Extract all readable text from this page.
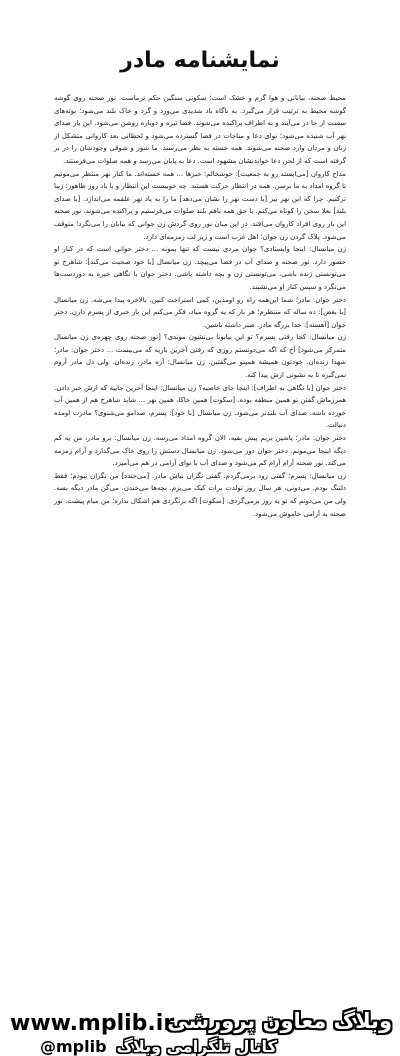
نمایشنامه مادر

محیط صحنه، بیابانی و هوا گرم و خشک است؛ سکوتی سنگین حکم ترماست. نور صحنه روی گوشه گوشه محیط به ترتیب قرار می‌گیرد. به ناگاه باد شدیدی می‌وزد و گرد و خاک بلند می‌شود؛ بوته‌های سست از جا در می‌آیند و به اطراف پراکنده می‌شوند. فضا تیره و دوباره روشن می‌شود. این بار صدای نهر آب شنیده می‌شود؛ نوای دعا و مناجات در فضا گسترده می‌شود و لحظاتی بعد کاروانی متشکل از زنان و مردان وارد صحنه می‌شوند. همه خسته به نظر می‌رسند. ما شور و شوقی وجودشان را در بر گرفته است که از لحن دعا خواندنشان مشهود است. دعا به پایان می‌رسد و همه صلوات می‌فرستند.

مداح کاروان [می‌ایستد رو به جمعیت]: خوشحالم؛ خبرها ... همه خسته‌اند. ما کنار نهر منتظر می‌مونیم تا گروه امداد به ما برسن. همه در انتظار حرکت هستند. چه خوبیست این انتظار و با یاد روز ظاهور؛ زیبا ترکنیم. چرا که این نهر نیز [با دست نهر را نشان می‌دهد] ما را به یاد نهر علقمه می‌اندازد. [با صدای بلند] نعلا سخن را کوتاه می‌کنم. با حق همه باهم بلند صلوات می‌فرستیم و پراکنده می‌شوند. نور صحنه این بار روی افراد کاروان می‌افتد. در این میان نور روی گردش زن جوانی که بیابان را می‌نگرد؛ متوقف می‌شود. پلاک گردن زن جوان؛ اهل غرب است و زیر لب زمزمه‌ای دارد.

زن میانسال: اینجا وایستادی؟ جوان مردی نیست که تنها بمونه ... دختر جوانی است که در کنار او حضور دارد. نور صحنه و صدای آب در فضا می‌پیچد. زن میانسال [با خود صحبت می‌کند]: شاهرخ تو می‌تونستی زنده باشی، می‌تونستی زن و بچه داشته باشی. دختر جوان با نگاهی خیره به دوردست‌ها می‌نگرد و سپس کنار او می‌نشیند.

دختر جوان: مادر؛ شما این‌همه راه رو اومدین، کمی استراحت کنین. بالاخره پیدا می‌شه. زن میانسال [با بغض]: ده ساله که منتظرم؛ هر بار که یه گروه میاد، فکر می‌کنم این بار خبری از پسرم دارن. دختر جوان [آهسته]: خدا بزرگه مادر. صبر داشته باشین.

زن میانسال: کجا رفتی پسرم؟ تو این بیابونا بی‌نشون موندی؟ [نور صحنه روی چهره‌ی زن میانسال متمرکز می‌شود] آخ که اگه می‌دونستم روزی که رفتی آخرین باریه که می‌بینمت ... دختر جوان: مادر؛ شهدا زنده‌ان. خودتون همیشه همینو می‌گفتین. زن میانسال: آره مادر، زنده‌ان. ولی دل مادر آروم نمی‌گیره تا یه نشونی ازش پیدا کنه.

دختر جوان [با نگاهی به اطراف]: اینجا جای خاصیه؟ زن میانسال: اینجا آخرین جاییه که ازش خبر دادن. همرزماش گفتن تو همین منطقه بوده. [سکوت] همین خاکا، همین نهر ... شاید شاهرخ هم از همین آب خورده باشه. صدای آب بلندتر می‌شود. زن میانسال [با خود]: پسرم، صدامو می‌شنوی؟ مادرت اومده دنبالت.

دختر جوان: مادر؛ پاشین بریم پیش بقیه، الان گروه امداد می‌رسه. زن میانسال: برو مادر، من یه کم دیگه اینجا می‌مونم. دختر جوان دور می‌شود. زن میانسال دستش را روی خاک می‌گذارد و آرام زمزمه می‌کند. نور صحنه آرام آرام کم می‌شود و صدای آب با نوای آرامی در هم می‌آمیزد.

زن میانسال: پسرم؛ گفتی زود برمی‌گردم. گفتی نگران نباش مادر. [می‌خندد] من نگران نبودم؛ فقط دلتنگ بودم. می‌دونی، هر سال روز تولدت برات کیک می‌پزم. بچه‌ها می‌خندن، می‌گن مادر دیگه بسه. ولی من می‌دونم که تو یه روز برمی‌گردی. [سکوت] اگه برنگردی هم اشکال نداره؛ من میام پیشت. نور صحنه به آرامی خاموش می‌شود.

www.mplib.ir
وبلاگ معاون پرورشی
@mplib کانال تلگرامی وبلاگ
